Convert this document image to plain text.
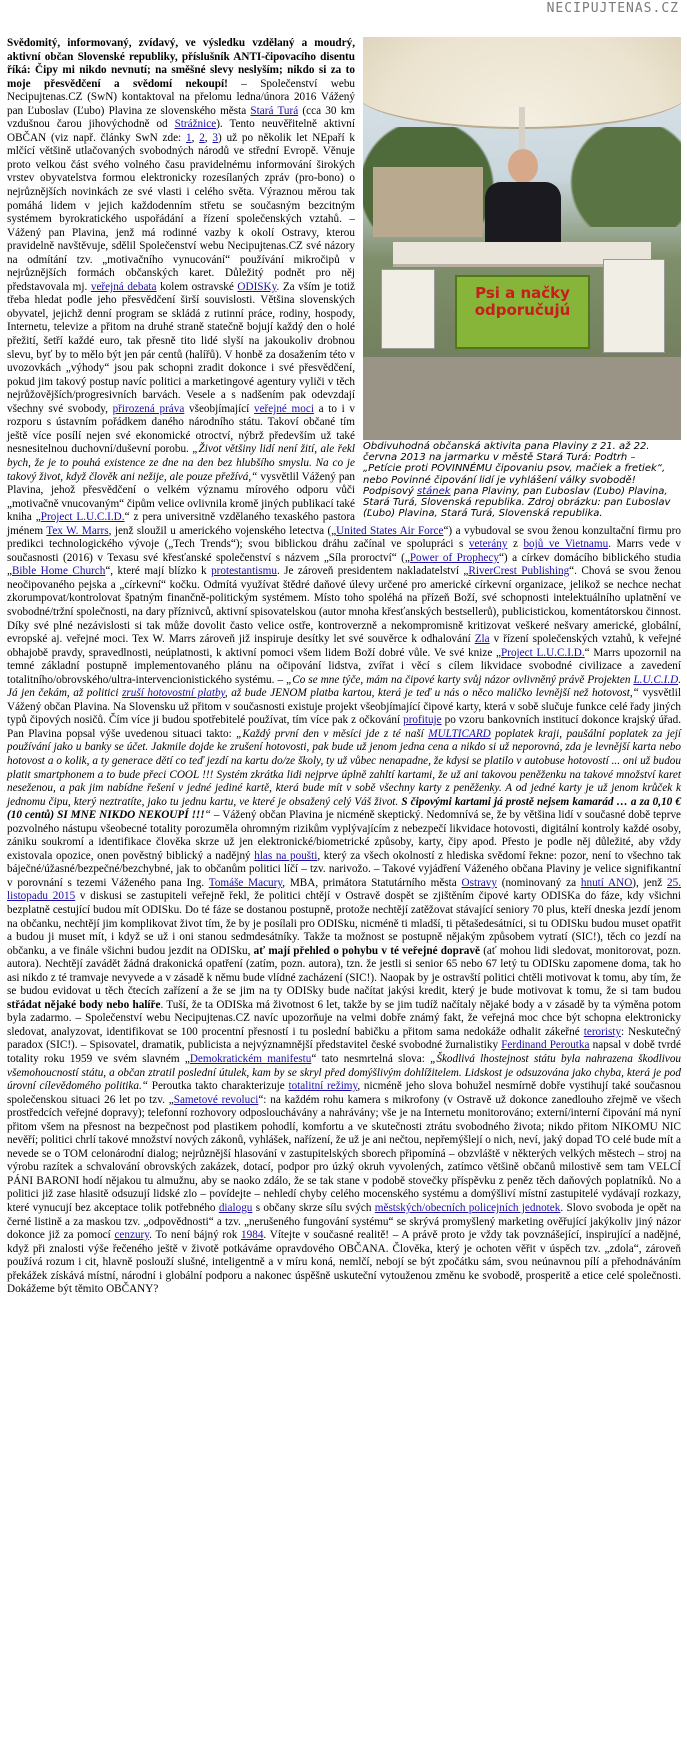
NECIPUJTENAS.CZ
Psi a načky odporučujú
Obdivuhodná občanská aktivita pana Plaviny z 21. až 22. června 2013 na jarmarku v městě Stará Turá: Podtrh – „Petície proti POVINNÉMU čipovaniu psov, mačiek a fretiek“, nebo Povinné čipování lidí je vyhlášení války svobodě! Podpisový stánek pana Plaviny, pan Ľuboslav (Ľubo) Plavina, Stará Turá, Slovenská republika. Zdroj obrázku: pan Ľuboslav (Ľubo) Plavina, Stará Turá, Slovenská republika.
Svědomitý, informovaný, zvídavý, ve výsledku vzdělaný a moudrý, aktivní občan Slovenské republiky, příslušník ANTI-čipovacího disentu říká: Čipy mi nikdo nevnutí; na směšné slevy neslyším; nikdo si za to moje přesvědčení a svědomí nekoupí! – Společenství webu Necipujtenas.CZ (SwN) kontaktoval na přelomu ledna/února 2016 Vážený pan Ľuboslav (Ľubo) Plavina ze slovenského města Stará Turá (cca 30 km vzdušnou čarou jihovýchodně od Strážnice). Tento neuvěřitelně aktivní OBČAN (viz např. články SwN zde: 1, 2, 3) už po několik let NEpaří k mlčící většině utlačovaných svobodných národů ve střední Evropě. Věnuje proto velkou část svého volného času pravidelnému informování širokých vrstev obyvatelstva formou elektronicky rozesílaných zpráv (pro-bono) o nejrůznějších novinkách ze své vlasti i celého světa. Výraznou měrou tak pomáhá lidem v jejich každodenním střetu se současným bezcitným systémem byrokratického uspořádání a řízení společenských vztahů. – Vážený pan Plavina, jenž má rodinné vazby k okolí Ostravy, kterou pravidelně navštěvuje, sdělil Společenství webu Necipujtenas.CZ své názory na odmítání tzv. „motivačního vynucování“ používání mikročipů v nejrůznějších formách občanských karet. Důležitý podnět pro něj představovala mj. veřejná debata kolem ostravské ODISKy. Za vším je totiž třeba hledat podle jeho přesvědčení širší souvislosti. Většina slovenských obyvatel, jejichž denní program se skládá z rutinní práce, rodiny, hospody, Internetu, televize a přitom na druhé straně statečně bojují každý den o holé přežití, šetří každé euro, tak přesně tito lidé slyší na jakoukoliv drobnou slevu, byť by to mělo být jen pár centů (halířů). V honbě za dosažením této v uvozovkách „výhody“ jsou pak schopni zradit dokonce i své přesvědčení, pokud jim takový postup navíc politici a marketingové agentury vyliči v těch nejrůžovějších/progresivních barvách. Vesele a s nadšením pak odevzdají všechny své svobody, přirozená práva všeobjímající veřejné moci a to i v rozporu s ústavním pořádkem daného národního státu. Takoví občané tím ještě více posílí nejen své ekonomické otroctví, nýbrž především už také nesnesitelnou duchovní/duševní porobu. „Život většiny lidí není žití, ale řekl bych, že je to pouhá existence ze dne na den bez hlubšího smyslu. Na co je takový život, když člověk ani nežije, ale pouze přežívá,“ vysvětlil Vážený pan Plavina, jehož přesvědčení o velkém významu mírového odporu vůči „motivačně vnucovaným“ čipům velice ovlivnila kromě jiných publikací také kniha „Project L.U.C.I.D.“ z pera universitně vzdělaného texaského pastora jménem Tex W. Marrs, jenž sloužil u amerického vojenského letectva („United States Air Force“) a vybudoval se svou ženou konzultační firmu pro predikci technologického vývoje („Tech Trends“); svou biblickou dráhu začínal ve spolupráci s veterány z bojů ve Vietnamu. Marrs vede v současnosti (2016) v Texasu své křesťanské společenství s názvem „Síla proroctví“ („Power of Prophecy“) a církev domácího biblického studia „Bible Home Church“, které mají blízko k protestantismu. Je zároveň presidentem nakladatelství „RiverCrest Publishing“. Chová se svou ženou neočipovaného pejska a „církevní“ kočku. Odmítá využívat štědré daňové úlevy určené pro americké církevní organizace, jelikož se nechce nechat zkorumpovat/kontrolovat špatným finančně-politickým systémem. Místo toho spoléhá na přízeň Boží, své schopnosti intelektuálního uplatnění ve svobodné/tržní společnosti, na dary příznivců, aktivní spisovatelskou (autor mnoha křesťanských bestsellerů), publicistickou, komentátorskou činnost. Díky své plné nezávislosti si tak může dovolit často velice ostře, kontroverzně a nekompromisně kritizovat veškeré nešvary americké, globální, evropské aj. veřejné moci. Tex W. Marrs zároveň již inspiruje desítky let své souvěrce k odhalování Zla v řízení společenských vztahů, k veřejné obhajobě pravdy, spravedlnosti, neúplatnosti, k aktivní pomoci všem lidem Boží dobré vůle. Ve své knize „Project L.U.C.I.D.“ Marrs upozornil na temné základní postupně implementovaného plánu na očipování lidstva, zvířat i věcí s cílem likvidace svobodné civilizace a zavedení totalitního/obrovského/ultra-intervencionistického systému. – „Co se mne týče, mám na čipové karty svůj názor ovlivněný právě Projekten L.U.C.I.D. Já jen čekám, až politici zruší hotovostní platby, až bude JENOM platba kartou, která je teď u nás o něco maličko levnější než hotovost,“ vysvětlil Vážený občan Plavina. Na Slovensku už přitom v současnosti existuje projekt všeobjímající čipové karty, která v sobě slučuje funkce celé řady jiných typů čipových nosičů. Čím více ji budou spotřebitelé používat, tím více pak z očkování profituje po vzoru bankovních institucí dokonce krajský úřad. Pan Plavina popsal výše uvedenou situaci takto: „Každý první den v měsíci jde z té naší MULTICARD poplatek kraji, paušální poplatek za její používání jako u banky se účet. Jakmile dojde ke zrušení hotovosti, pak bude už jenom jedna cena a nikdo si už neporovná, zda je levnější karta nebo hotovost a o kolik, a ty generace dětí co teď jezdí na kartu do/ze školy, ty už vůbec nenapadne, že kdysi se platilo v autobuse hotovostí ... oni už budou platit smartphonem a to bude přeci COOL !!! Systém zkrátka lidi nejprve úplně zahltí kartami, že už ani takovou peněženku na takové množství karet neseženou, a pak jim nabídne řešení v jedné jediné kartě, která bude mít v sobě všechny karty z peněženky. A od jedné karty je už jenom krůček k jednomu čipu, který neztratíte, jako tu jednu kartu, ve které je obsažený celý Váš život. S čipovými kartami já prostě nejsem kamarád … a za 0,10 € (10 centů) SI MNE NIKDO NEKOUPÍ !!!“ – Vážený občan Plavina je nicméně skeptický. Nedomnívá se, že by většina lidí v současné době teprve pozvolného nástupu všeobecné totality porozuměla ohromným rizikům vyplývajícím z nebezpečí likvidace hotovosti, digitální kontroly každé osoby, zániku soukromí a identifikace člověka skrze už jen elektronické/biometrické způsoby, karty, čipy apod. Přesto je podle něj důležité, aby vždy existovala opozice, onen pověstný biblický a nadějný hlas na poušti, který za všech okolností z hlediska svědomí řekne: pozor, není to všechno tak báječné/úžasné/bezpečné/bezchybné, jak to občanům politici líčí – tzv. narivožo. – Takové vyjádření Váženého občana Plaviny je velice signifikantní v porovnání s tezemi Váženého pana Ing. Tomáše Macury, MBA, primátora Statutárního města Ostravy (nominovaný za hnutí ANO), jenž 25. listopadu 2015 v diskusi se zastupiteli veřejně řekl, že politici chtějí v Ostravě dospět se zjištěním čipové karty ODISKa do fáze, kdy všichni bezplatně cestující budou mít ODISku. Do té fáze se dostanou postupně, protože nechtějí zatěžovat stávající seniory 70 plus, kteří dneska jezdí jenom na občanku, nechtějí jim komplikovat život tím, že by je posílali pro ODISku, nicméně ti mladší, ti pětašedesátníci, si tu ODISku budou muset opatřit a budou ji muset mít, i když se už i oni stanou sedmdesátníky. Takže ta možnost se postupně nějakým způsobem vytratí (SIC!), těch co jezdí na občanku, a ve finále všichni budou jezdit na ODISku, ať mají přehled o pohybu v té veřejné dopravě (ať mohou lidi sledovat, monitorovat, pozn. autora). Nechtějí zavádět žádná drakonická opatření (zatím, pozn. autora), tzn. že jestli si senior 65 nebo 67 letý tu ODISku zapomene doma, tak ho asi nikdo z té tramvaje nevyvede a v zásadě k němu bude vlídné zacházení (SIC!). Naopak by je ostravští politici chtěli motivovat k tomu, aby tím, že se budou evidovat u těch čtecích zařízení a že se jim na ty ODISky bude načítat jakýsi kredit, který je bude motivovat k tomu, že si tam budou střádat nějaké body nebo halíře. Tuší, že ta ODISka má životnost 6 let, takže by se jim tudíž načítaly nějaké body a v zásadě by ta výměna potom byla zadarmo. – Společenství webu Necipujtenas.CZ navíc upozorňuje na velmi dobře známý fakt, že veřejná moc chce být schopna elektronicky sledovat, analyzovat, identifikovat se 100 procentní přesností i tu poslední babičku a přitom sama nedokáže odhalit zákeřné teroristy: Neskutečný paradox (SIC!). – Spisovatel, dramatik, publicista a nejvýznamnější představitel české svobodné žurnalistiky Ferdinand Peroutka napsal v době tvrdé totality roku 1959 ve svém slavném „Demokratickém manifestu“ tato nesmrtelná slova: „Škodlivá lhostejnost státu byla nahrazena škodlivou všemohoucností státu, a občan ztratil poslední útulek, kam by se skryl před domýšlivým dohlížitelem. Lidskost je odsuzována jako chyba, která je pod úrovní cílevědomého politika.“ Peroutka takto charakterizuje totalitní režimy, nicméně jeho slova bohužel nesmírně dobře vystihují také současnou společenskou situaci 26 let po tzv. „Sametové revoluci“: na každém rohu kamera s mikrofony (v Ostravě už dokonce zanedlouho zřejmě ve všech prostředcích veřejné dopravy); telefonní rozhovory odposlouchávány a nahrávány; vše je na Internetu monitorováno; externí/interní čipování má nyní přitom všem na přesnost na bezpečnost pod plastikem pohodlí, komfortu a ve skutečnosti ztrátu svobodného života; nikdo přitom NIKOMU NIC nevěří; politici chrlí takové množství nových zákonů, vyhlášek, nařízení, že už je ani nečtou, nepřemýšlejí o nich, neví, jaký dopad TO celé bude mít a nevede se o TOM celonárodní dialog; nejrůznější hlasování v zastupitelských sborech připomíná – obzvláště v některých velkých městech – stroj na výrobu razítek a schvalování obrovských zakázek, dotací, podpor pro úzký okruh vyvolených, zatímco většině občanů milostivě sem tam VELCÍ PÁNI BARONI hodí nějakou tu almužnu, aby se naoko zdálo, že se tak stane v podobě stovečky příspěvku z peněz těch daňových poplatníků. No a politici již zase hlasitě odsuzují lidské zlo – povídejte – nehledí chyby celého mocenského systému a domýšliví místní zastupitelé vydávají rozkazy, které vynucují bez akceptace tolik potřebného dialogu s občany skrze sílu svých městských/obecních policejních jednotek. Slovo svoboda je opět na černé listině a za maskou tzv. „odpovědnosti“ a tzv. „nerušeného fungování systému“ se skrývá promyšlený marketing ověřující jakýkoliv jiný názor dokonce již za pomocí cenzury. To není bájný rok 1984. Vítejte v současné realitě! – A právě proto je vždy tak povznášející, inspirující a nadějné, když při znalosti výše řečeného ještě v životě potkáváme opravdového OBČANA. Člověka, který je ochoten věřit v úspěch tzv. „zdola“, zároveň používá rozum i cit, hlavně poslouží slušné, inteligentně a v míru koná, nemlčí, nebojí se být zpočátku sám, svou neúnavnou pílí a přehodnáváním překážek získává místní, národní i globální podporu a nakonec úspěšně uskuteční vytouženou změnu ke svobodě, prosperitě a etice celé společnosti. Dokážeme být těmito OBČANY?
